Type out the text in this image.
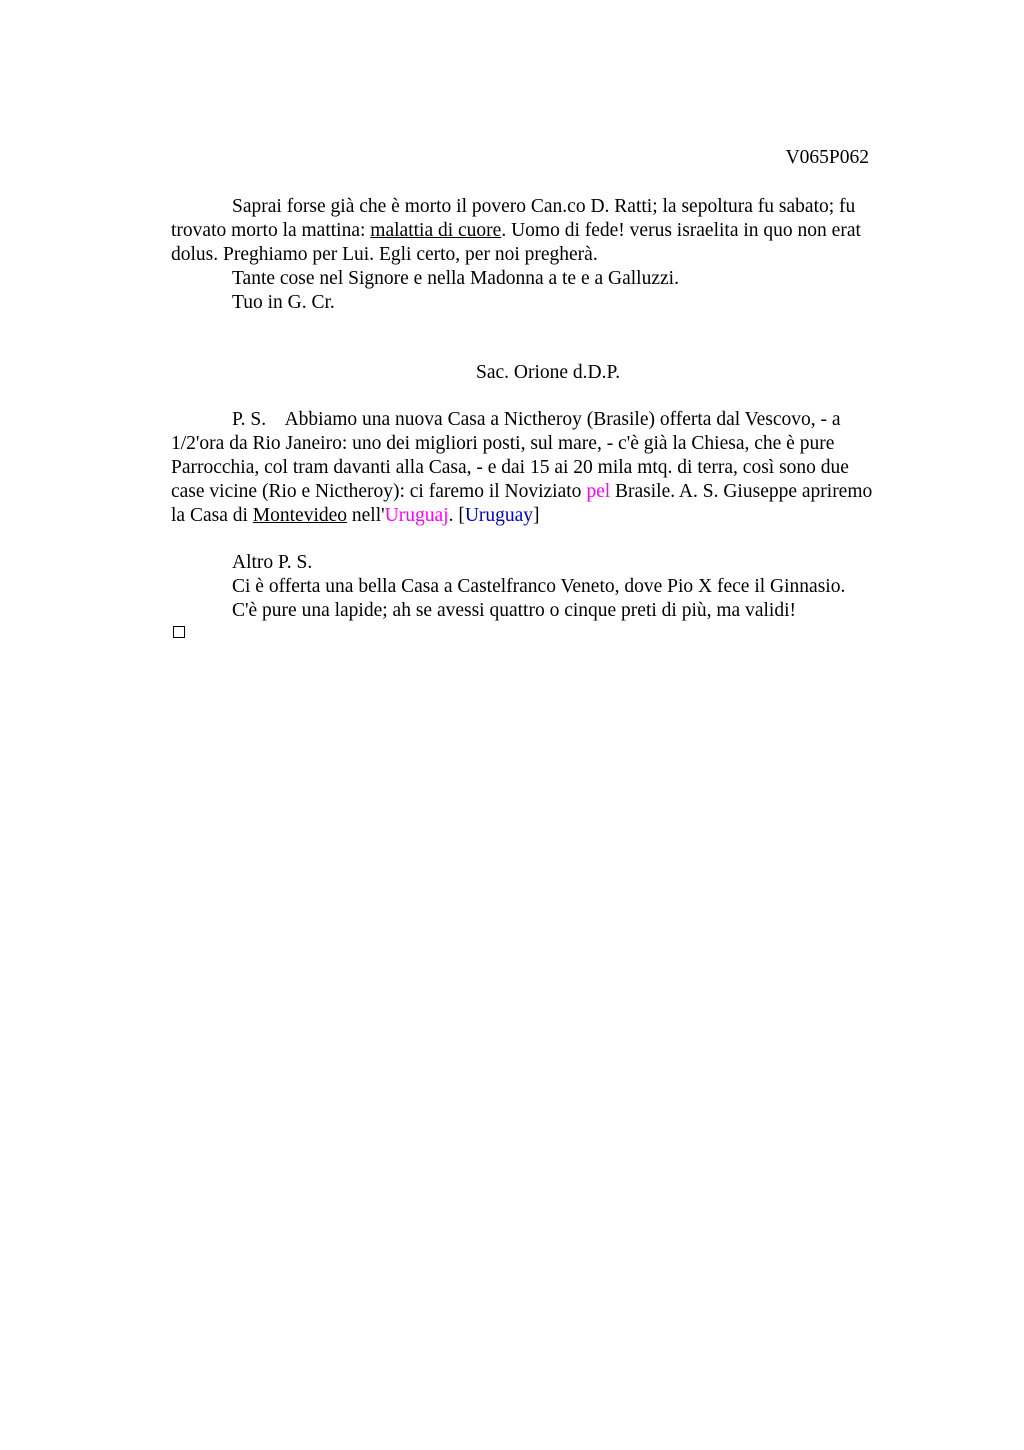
V065P062
Saprai forse già che è morto il povero Can.co D. Ratti; la sepoltura fu sabato; fu
trovato morto la mattina: malattia di cuore. Uomo di fede! verus israelita in quo non erat
dolus. Preghiamo per Lui. Egli certo, per noi pregherà.
Tante cose nel Signore e nella Madonna a te e a Galluzzi.
Tuo in G. Cr.
Sac. Orione d.D.P.
P. S.    Abbiamo una nuova Casa a Nictheroy (Brasile) offerta dal Vescovo, - a
1/2'ora da Rio Janeiro: uno dei migliori posti, sul mare, - c'è già la Chiesa, che è pure
Parrocchia, col tram davanti alla Casa, - e dai 15 ai 20 mila mtq. di terra, così sono due
case vicine (Rio e Nictheroy): ci faremo il Noviziato pel Brasile. A. S. Giuseppe apriremo
la Casa di Montevideo nell'Uruguaj. [Uruguay]
Altro P. S.
Ci è offerta una bella Casa a Castelfranco Veneto, dove Pio X fece il Ginnasio.
C'è pure una lapide; ah se avessi quattro o cinque preti di più, ma validi!
